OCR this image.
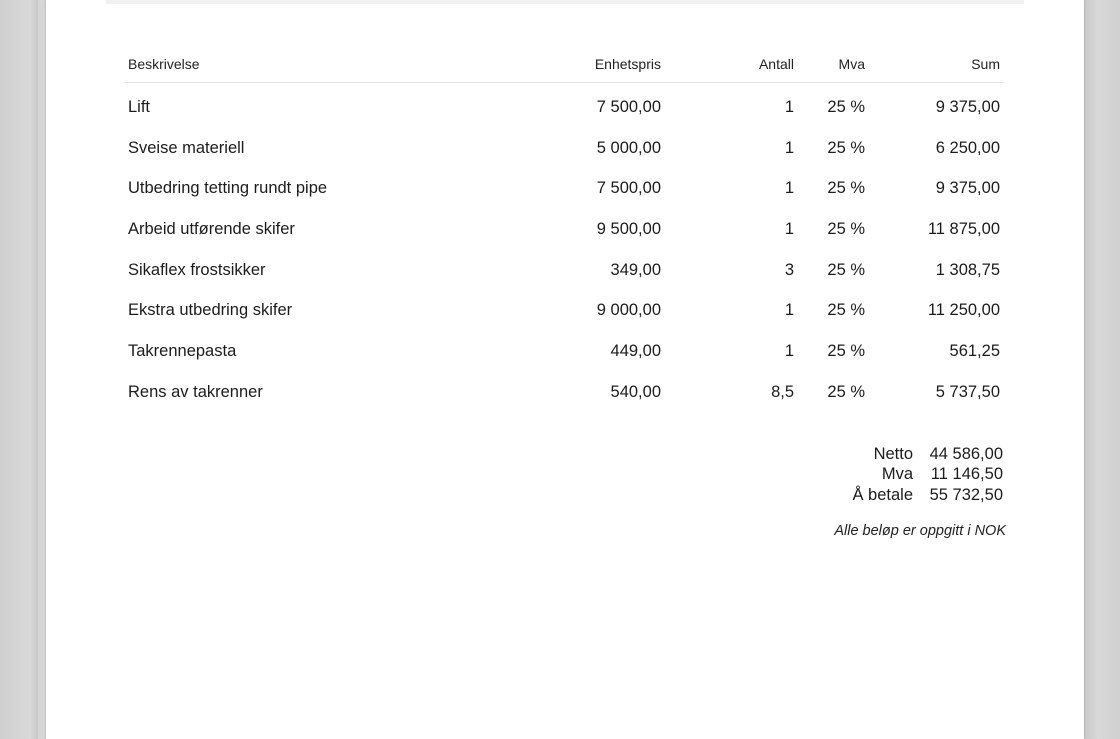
Beskrivelse	Enhetspris	Antall	Mva	Sum
Lift	7 500,00	1	25 %	9 375,00
Sveise materiell	5 000,00	1	25 %	6 250,00
Utbedring tetting rundt pipe	7 500,00	1	25 %	9 375,00
Arbeid utførende skifer	9 500,00	1	25 %	11 875,00
Sikaflex frostsikker	349,00	3	25 %	1 308,75
Ekstra utbedring skifer	9 000,00	1	25 %	11 250,00
Takrennepasta	449,00	1	25 %	561,25
Rens av takrenner	540,00	8,5	25 %	5 737,50
Netto	44 586,00
Mva	11 146,50
Å betale	55 732,50
Alle beløp er oppgitt i NOK
